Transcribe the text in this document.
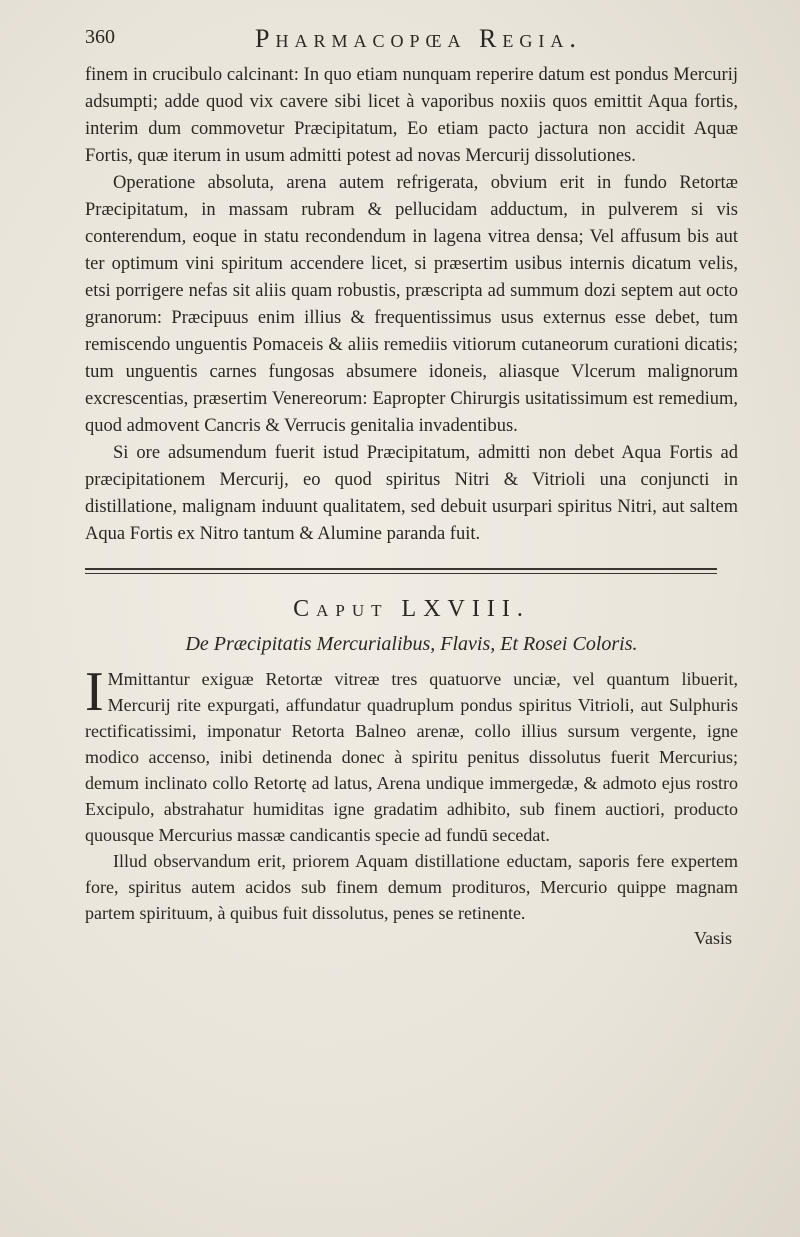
360	Pharmacopœa Regia.

finem in crucibulo calcinant: In quo etiam nunquam reperire datum est pondus Mercurij adsumpti; adde quod vix cavere sibi licet à vaporibus noxiis quos emittit Aqua fortis, interim dum commovetur Præcipitatum, Eo etiam pacto jactura non accidit Aquæ Fortis, quæ iterum in usum admitti potest ad novas Mercurij dissolutiones.

Operatione absoluta, arena autem refrigerata, obvium erit in fundo Retortæ Præcipitatum, in massam rubram & pellucidam adductum, in pulverem si vis conterendum, eoque in statu recondendum in lagena vitrea densa; Vel affusum bis aut ter optimum vini spiritum accendere licet, si præsertim usibus internis dicatum velis, etsi porrigere nefas sit aliis quam robustis, præscripta ad summum dozi septem aut octo granorum: Præcipuus enim illius & frequentissimus usus externus esse debet, tum remiscendo unguentis Pomaceis & aliis remediis vitiorum cutaneorum curationi dicatis; tum unguentis carnes fungosas absumere idoneis, aliasque Vlcerum malignorum excrescentias, præsertim Venereorum: Eapropter Chirurgis usitatissimum est remedium, quod admovent Cancris & Verrucis genitalia invadentibus.

Si ore adsumendum fuerit istud Præcipitatum, admitti non debet Aqua Fortis ad præcipitationem Mercurij, eo quod spiritus Nitri & Vitrioli una conjuncti in distillatione, malignam induunt qualitatem, sed debuit usurpari spiritus Nitri, aut saltem Aqua Fortis ex Nitro tantum & Alumine paranda fuit.

Caput LXVIII.
De Præcipitatis Mercurialibus, Flavis, Et Rosei Coloris.

I Mmittantur exiguæ Retortæ vitreæ tres quatuorve unciæ, vel quantum libuerit, Mercurij rite expurgati, affundatur quadruplum pondus spiritus Vitrioli, aut Sulphuris rectificatissimi, imponatur Retorta Balneo arenæ, collo illius sursum vergente, igne modico accenso, inibi detinenda donec à spiritu penitus dissolutus fuerit Mercurius; demum inclinato collo Retortę ad latus, Arena undique immergedæ, & admoto ejus rostro Excipulo, abstrahatur humiditas igne gradatim adhibito, sub finem auctiori, producto quousque Mercurius massæ candicantis specie ad fundū secedat.

Illud observandum erit, priorem Aquam distillatione eductam, saporis fere expertem fore, spiritus autem acidos sub finem demum prodituros, Mercurio quippe magnam partem spirituum, à quibus fuit dissolutus, penes se retinente.

Vasis
